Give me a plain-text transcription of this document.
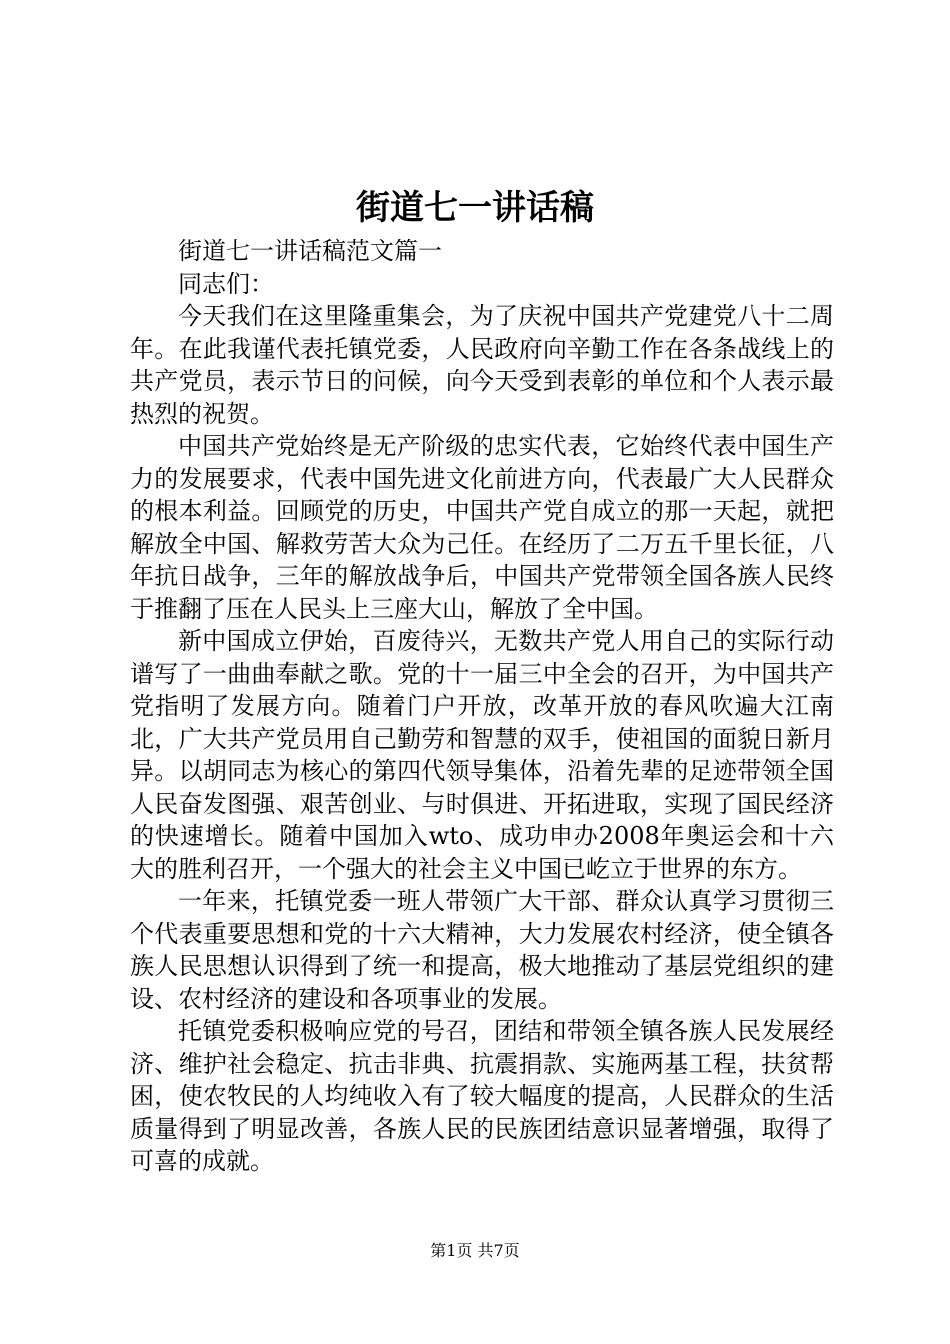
街道七一讲话稿

街道七一讲话稿范文篇一

同志们：

今天我们在这里隆重集会，为了庆祝中国共产党建党八十二周年。在此我谨代表托镇党委，人民政府向辛勤工作在各条战线上的共产党员，表示节日的问候，向今天受到表彰的单位和个人表示最热烈的祝贺。

中国共产党始终是无产阶级的忠实代表，它始终代表中国生产力的发展要求，代表中国先进文化前进方向，代表最广大人民群众的根本利益。回顾党的历史，中国共产党自成立的那一天起，就把解放全中国、解救劳苦大众为己任。在经历了二万五千里长征，八年抗日战争，三年的解放战争后，中国共产党带领全国各族人民终于推翻了压在人民头上三座大山，解放了全中国。

新中国成立伊始，百废待兴，无数共产党人用自己的实际行动谱写了一曲曲奉献之歌。党的十一届三中全会的召开，为中国共产党指明了发展方向。随着门户开放，改革开放的春风吹遍大江南北，广大共产党员用自己勤劳和智慧的双手，使祖国的面貌日新月异。以胡同志为核心的第四代领导集体，沿着先辈的足迹带领全国人民奋发图强、艰苦创业、与时俱进、开拓进取，实现了国民经济的快速增长。随着中国加入wto、成功申办2008年奥运会和十六大的胜利召开，一个强大的社会主义中国已屹立于世界的东方。

一年来，托镇党委一班人带领广大干部、群众认真学习贯彻三个代表重要思想和党的十六大精神，大力发展农村经济，使全镇各族人民思想认识得到了统一和提高，极大地推动了基层党组织的建设、农村经济的建设和各项事业的发展。

托镇党委积极响应党的号召，团结和带领全镇各族人民发展经济、维护社会稳定、抗击非典、抗震捐款、实施两基工程，扶贫帮困，使农牧民的人均纯收入有了较大幅度的提高，人民群众的生活质量得到了明显改善，各族人民的民族团结意识显著增强，取得了可喜的成就。

第1页 共7页
